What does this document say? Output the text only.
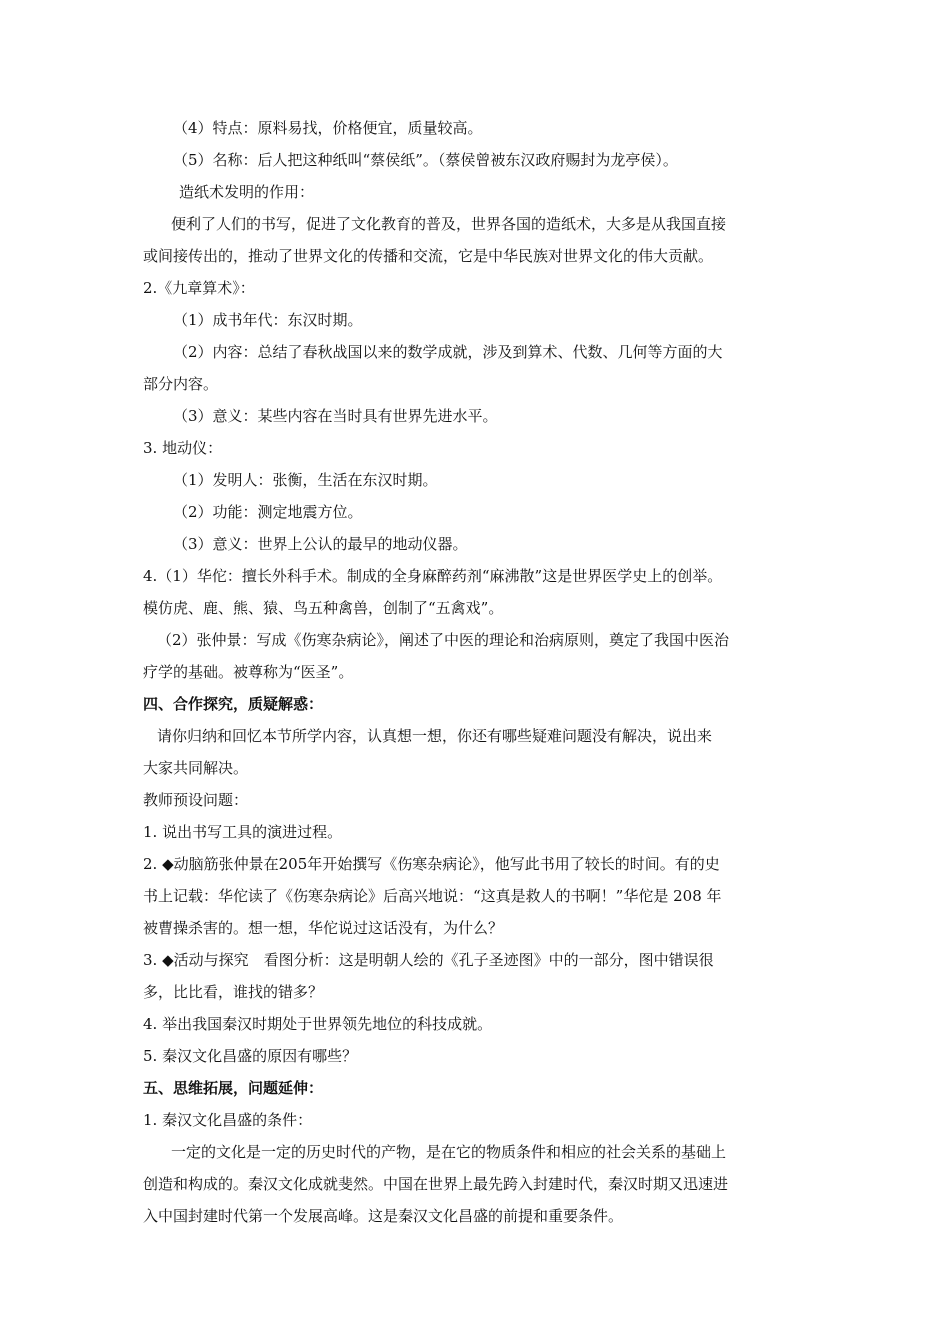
（4）特点：原料易找，价格便宜，质量较高。
（5）名称：后人把这种纸叫“蔡侯纸”。（蔡侯曾被东汉政府赐封为龙亭侯）。
造纸术发明的作用：
便利了人们的书写，促进了文化教育的普及，世界各国的造纸术，大多是从我国直接
或间接传出的，推动了世界文化的传播和交流，它是中华民族对世界文化的伟大贡献。
2.《九章算术》：
（1）成书年代：东汉时期。
（2）内容：总结了春秋战国以来的数学成就，涉及到算术、代数、几何等方面的大
部分内容。
（3）意义：某些内容在当时具有世界先进水平。
3. 地动仪：
（1）发明人：张衡，生活在东汉时期。
（2）功能：测定地震方位。
（3）意义：世界上公认的最早的地动仪器。
4.（1）华佗：擅长外科手术。制成的全身麻醉药剂“麻沸散”这是世界医学史上的创举。
模仿虎、鹿、熊、猿、鸟五种禽兽，创制了“五禽戏”。
（2）张仲景：写成《伤寒杂病论》，阐述了中医的理论和治病原则，奠定了我国中医治
疗学的基础。被尊称为“医圣”。
四、合作探究，质疑解惑：
请你归纳和回忆本节所学内容，认真想一想，你还有哪些疑难问题没有解决，说出来
大家共同解决。
教师预设问题：
1. 说出书写工具的演进过程。
2. ◆动脑筋张仲景在205年开始撰写《伤寒杂病论》，他写此书用了较长的时间。有的史
书上记载：华佗读了《伤寒杂病论》后高兴地说：“这真是救人的书啊！”华佗是 208 年
被曹操杀害的。想一想，华佗说过这话没有，为什么？
3. ◆活动与探究　看图分析：这是明朝人绘的《孔子圣迹图》中的一部分，图中错误很
多，比比看，谁找的错多？
4. 举出我国秦汉时期处于世界领先地位的科技成就。
5. 秦汉文化昌盛的原因有哪些？
五、思维拓展，问题延伸：
1. 秦汉文化昌盛的条件：
一定的文化是一定的历史时代的产物，是在它的物质条件和相应的社会关系的基础上
创造和构成的。秦汉文化成就斐然。中国在世界上最先跨入封建时代，秦汉时期又迅速进
入中国封建时代第一个发展高峰。这是秦汉文化昌盛的前提和重要条件。
